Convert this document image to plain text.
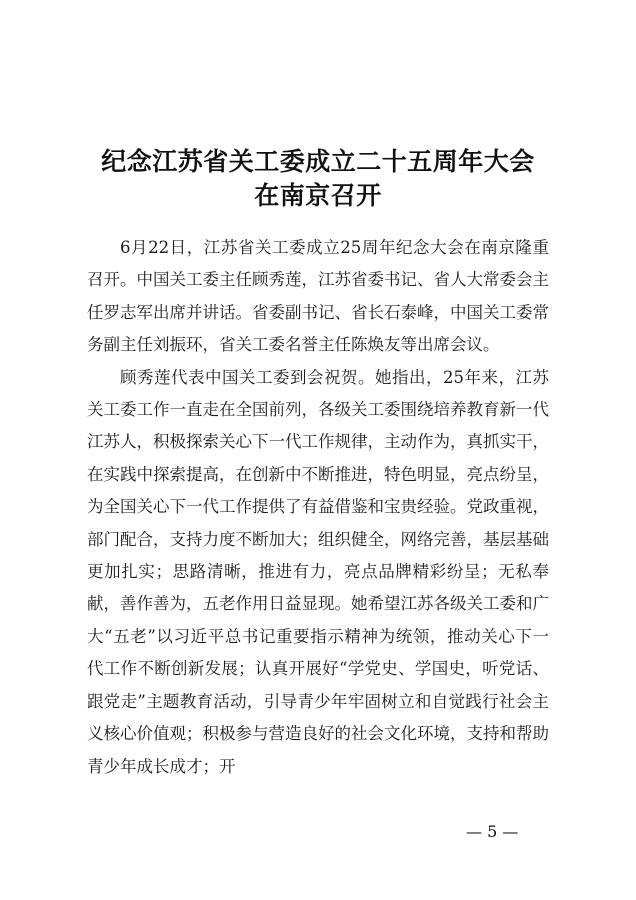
纪念江苏省关工委成立二十五周年大会
在南京召开

6月22日，江苏省关工委成立25周年纪念大会在南京隆重召开。中国关工委主任顾秀莲，江苏省委书记、省人大常委会主任罗志军出席并讲话。省委副书记、省长石泰峰，中国关工委常务副主任刘振环，省关工委名誉主任陈焕友等出席会议。

顾秀莲代表中国关工委到会祝贺。她指出，25年来，江苏关工委工作一直走在全国前列，各级关工委围绕培养教育新一代江苏人，积极探索关心下一代工作规律，主动作为，真抓实干，在实践中探索提高，在创新中不断推进，特色明显，亮点纷呈，为全国关心下一代工作提供了有益借鉴和宝贵经验。党政重视，部门配合，支持力度不断加大；组织健全，网络完善，基层基础更加扎实；思路清晰，推进有力，亮点品牌精彩纷呈；无私奉献，善作善为，五老作用日益显现。她希望江苏各级关工委和广大“五老”以习近平总书记重要指示精神为统领，推动关心下一代工作不断创新发展；认真开展好“学党史、学国史，听党话、跟党走”主题教育活动，引导青少年牢固树立和自觉践行社会主义核心价值观；积极参与营造良好的社会文化环境，支持和帮助青少年成长成才；开

— 5 —
